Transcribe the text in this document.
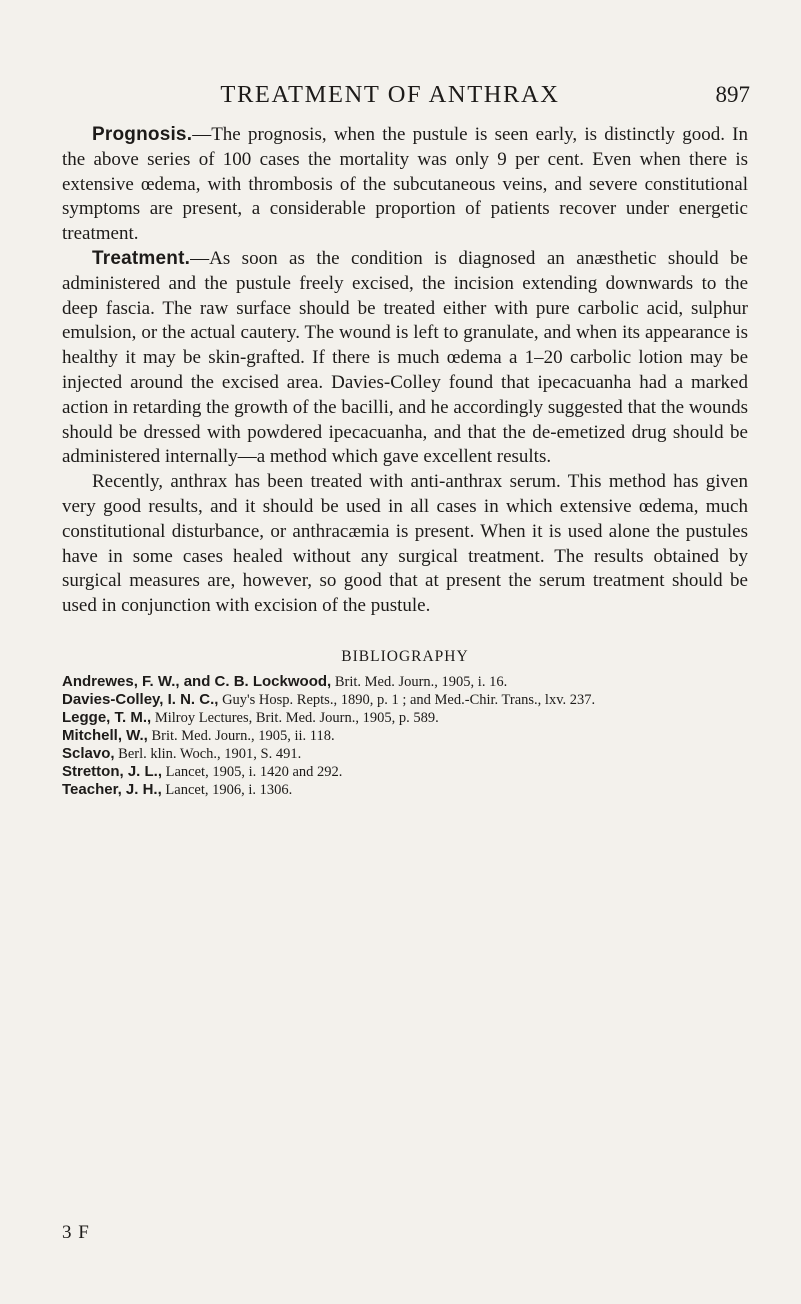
TREATMENT OF ANTHRAX	897

Prognosis.—The prognosis, when the pustule is seen early, is distinctly good. In the above series of 100 cases the mortality was only 9 per cent. Even when there is extensive œdema, with thrombosis of the subcutaneous veins, and severe constitutional symptoms are present, a considerable proportion of patients recover under energetic treatment.

Treatment.—As soon as the condition is diagnosed an anæsthetic should be administered and the pustule freely excised, the incision extending downwards to the deep fascia. The raw surface should be treated either with pure carbolic acid, sulphur emulsion, or the actual cautery. The wound is left to granulate, and when its appearance is healthy it may be skin-grafted. If there is much œdema a 1–20 carbolic lotion may be injected around the excised area. Davies-Colley found that ipecacuanha had a marked action in retarding the growth of the bacilli, and he accordingly suggested that the wounds should be dressed with powdered ipecacuanha, and that the de-emetized drug should be administered internally—a method which gave excellent results.

Recently, anthrax has been treated with anti-anthrax serum. This method has given very good results, and it should be used in all cases in which extensive œdema, much constitutional disturbance, or anthracæmia is present. When it is used alone the pustules have in some cases healed without any surgical treatment. The results obtained by surgical measures are, however, so good that at present the serum treatment should be used in conjunction with excision of the pustule.

BIBLIOGRAPHY
Andrewes, F. W., and C. B. Lockwood, Brit. Med. Journ., 1905, i. 16.
Davies-Colley, I. N. C., Guy's Hosp. Repts., 1890, p. 1 ; and Med.-Chir. Trans., lxv. 237.
Legge, T. M., Milroy Lectures, Brit. Med. Journ., 1905, p. 589.
Mitchell, W., Brit. Med. Journ., 1905, ii. 118.
Sclavo, Berl. klin. Woch., 1901, S. 491.
Stretton, J. L., Lancet, 1905, i. 1420 and 292.
Teacher, J. H., Lancet, 1906, i. 1306.
3 F
